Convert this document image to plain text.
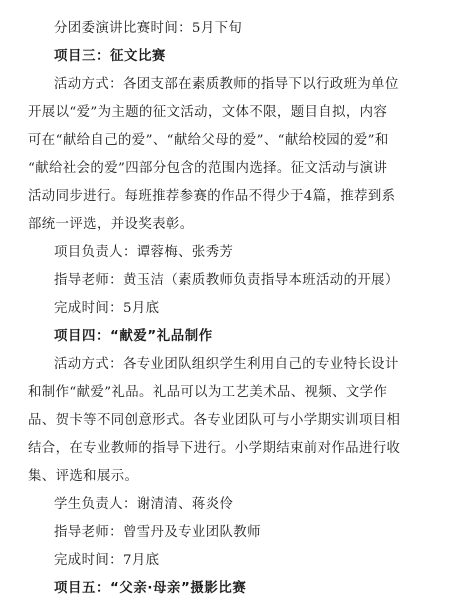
分团委演讲比赛时间：5月下旬
项目三：征文比赛
活动方式：各团支部在素质教师的指导下以行政班为单位
开展以“爱”为主题的征文活动，文体不限，题目自拟，内容
可在“献给自己的爱”、“献给父母的爱”、“献给校园的爱”和
“献给社会的爱”四部分包含的范围内选择。征文活动与演讲
活动同步进行。每班推荐参赛的作品不得少于4篇，推荐到系
部统一评选，并设奖表彰。
项目负责人：谭蓉梅、张秀芳
指导老师：黄玉洁（素质教师负责指导本班活动的开展）
完成时间：5月底
项目四：“献爱”礼品制作
活动方式：各专业团队组织学生利用自己的专业特长设计
和制作“献爱”礼品。礼品可以为工艺美术品、视频、文学作
品、贺卡等不同创意形式。各专业团队可与小学期实训项目相
结合，在专业教师的指导下进行。小学期结束前对作品进行收
集、评选和展示。
学生负责人：谢清清、蒋炎伶
指导老师：曾雪丹及专业团队教师
完成时间：7月底
项目五：“父亲·母亲”摄影比赛
